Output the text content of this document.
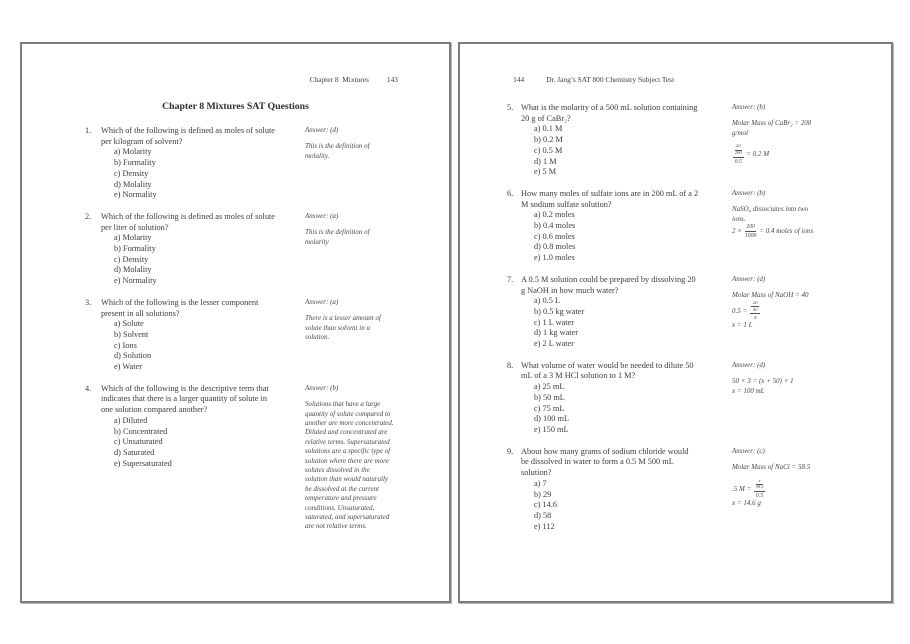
Chapter 8  Mixtures 143

Chapter 8 Mixtures SAT Questions
1.	Which of the following is defined as moles of solute
per kilogram of solvent?
a) Molarity
b) Formality
c) Density
d) Molality
e) Normality
Answer: (d)
This is the definition of
molality.
2.	Which of the following is defined as moles of solute
per liter of solution?
a) Molarity
b) Formality
c) Density
d) Molality
e) Normality
Answer: (a)
This is the definition of
molarity
3.	Which of the following is the lesser component
present in all solutions?
a) Solute
b) Solvent
c) Ions
d) Solution
e) Water
Answer: (a)
There is a lesser amount of
solute than solvent in a
solution.
4.	Which of the following is the descriptive term that
indicates that there is a larger quantity of solute in
one solution compared another?
a) Diluted
b) Concentrated
c) Unsaturated
d) Saturated
e) Supersaturated
Answer: (b)
Solutions that have a large
quantity of solute compared to
another are more concentrated.
Diluted and concentrated are
relative terms. Supersaturated
solutions are a specific type of
solution where there are more
solutes dissolved in the
solution than would naturally
be dissolved at the current
temperature and pressure
conditions. Unsaturated,
saturated, and supersaturated
are not relative terms.

144	Dr. Jang’s SAT 800 Chemistry Subject Test

5. What is the molarity of a 500 mL solution containing
20 g of CaBr₂?
a) 0.1 M
b) 0.2 M
c) 0.5 M
d) 1 M
e) 5 M
Answer: (b)
Molar Mass of CaBr₂ = 200
g/mol
$\frac{\frac{20}{200}}{0.5} = 0.2$ M
6. How many moles of sulfate ions are in 200 mL of a 2
M sodium sulfate solution?
a) 0.2 moles
b) 0.4 moles
c) 0.6 moles
d) 0.8 moles
e) 1.0 moles
Answer: (b)
NaSO₄ dissociates into two
ions.
$2 \times \frac{200}{1000} = 0.4$ moles of ions
7. A 0.5 M solution could be prepared by dissolving 20
g NaOH in how much water?
a) 0.5 L
b) 0.5 kg water
c) 1 L water
d) 1 kg water
e) 2 L water
Answer: (d)
Molar Mass of NaOH = 40
$0.5 = \frac{\frac{20}{40}}{x}$
x = 1 L
8. What volume of water would be needed to dilute 50
mL of a 3 M HCl solution to 1 M?
a) 25 mL
b) 50 mL
c) 75 mL
d) 100 mL
e) 150 mL
Answer: (d)
50 × 3 = (x + 50) × 1
x = 100 mL
9. About how many grams of sodium chloride would
be dissolved in water to form a 0.5 M 500 mL
solution?
a) 7
b) 29
c) 14.6
d) 58
e) 112
Answer: (c)
Molar Mass of NaCl = 58.5
.5 $M = \frac{\frac{x}{58.5}}{0.5}$
x = 14.6 g
